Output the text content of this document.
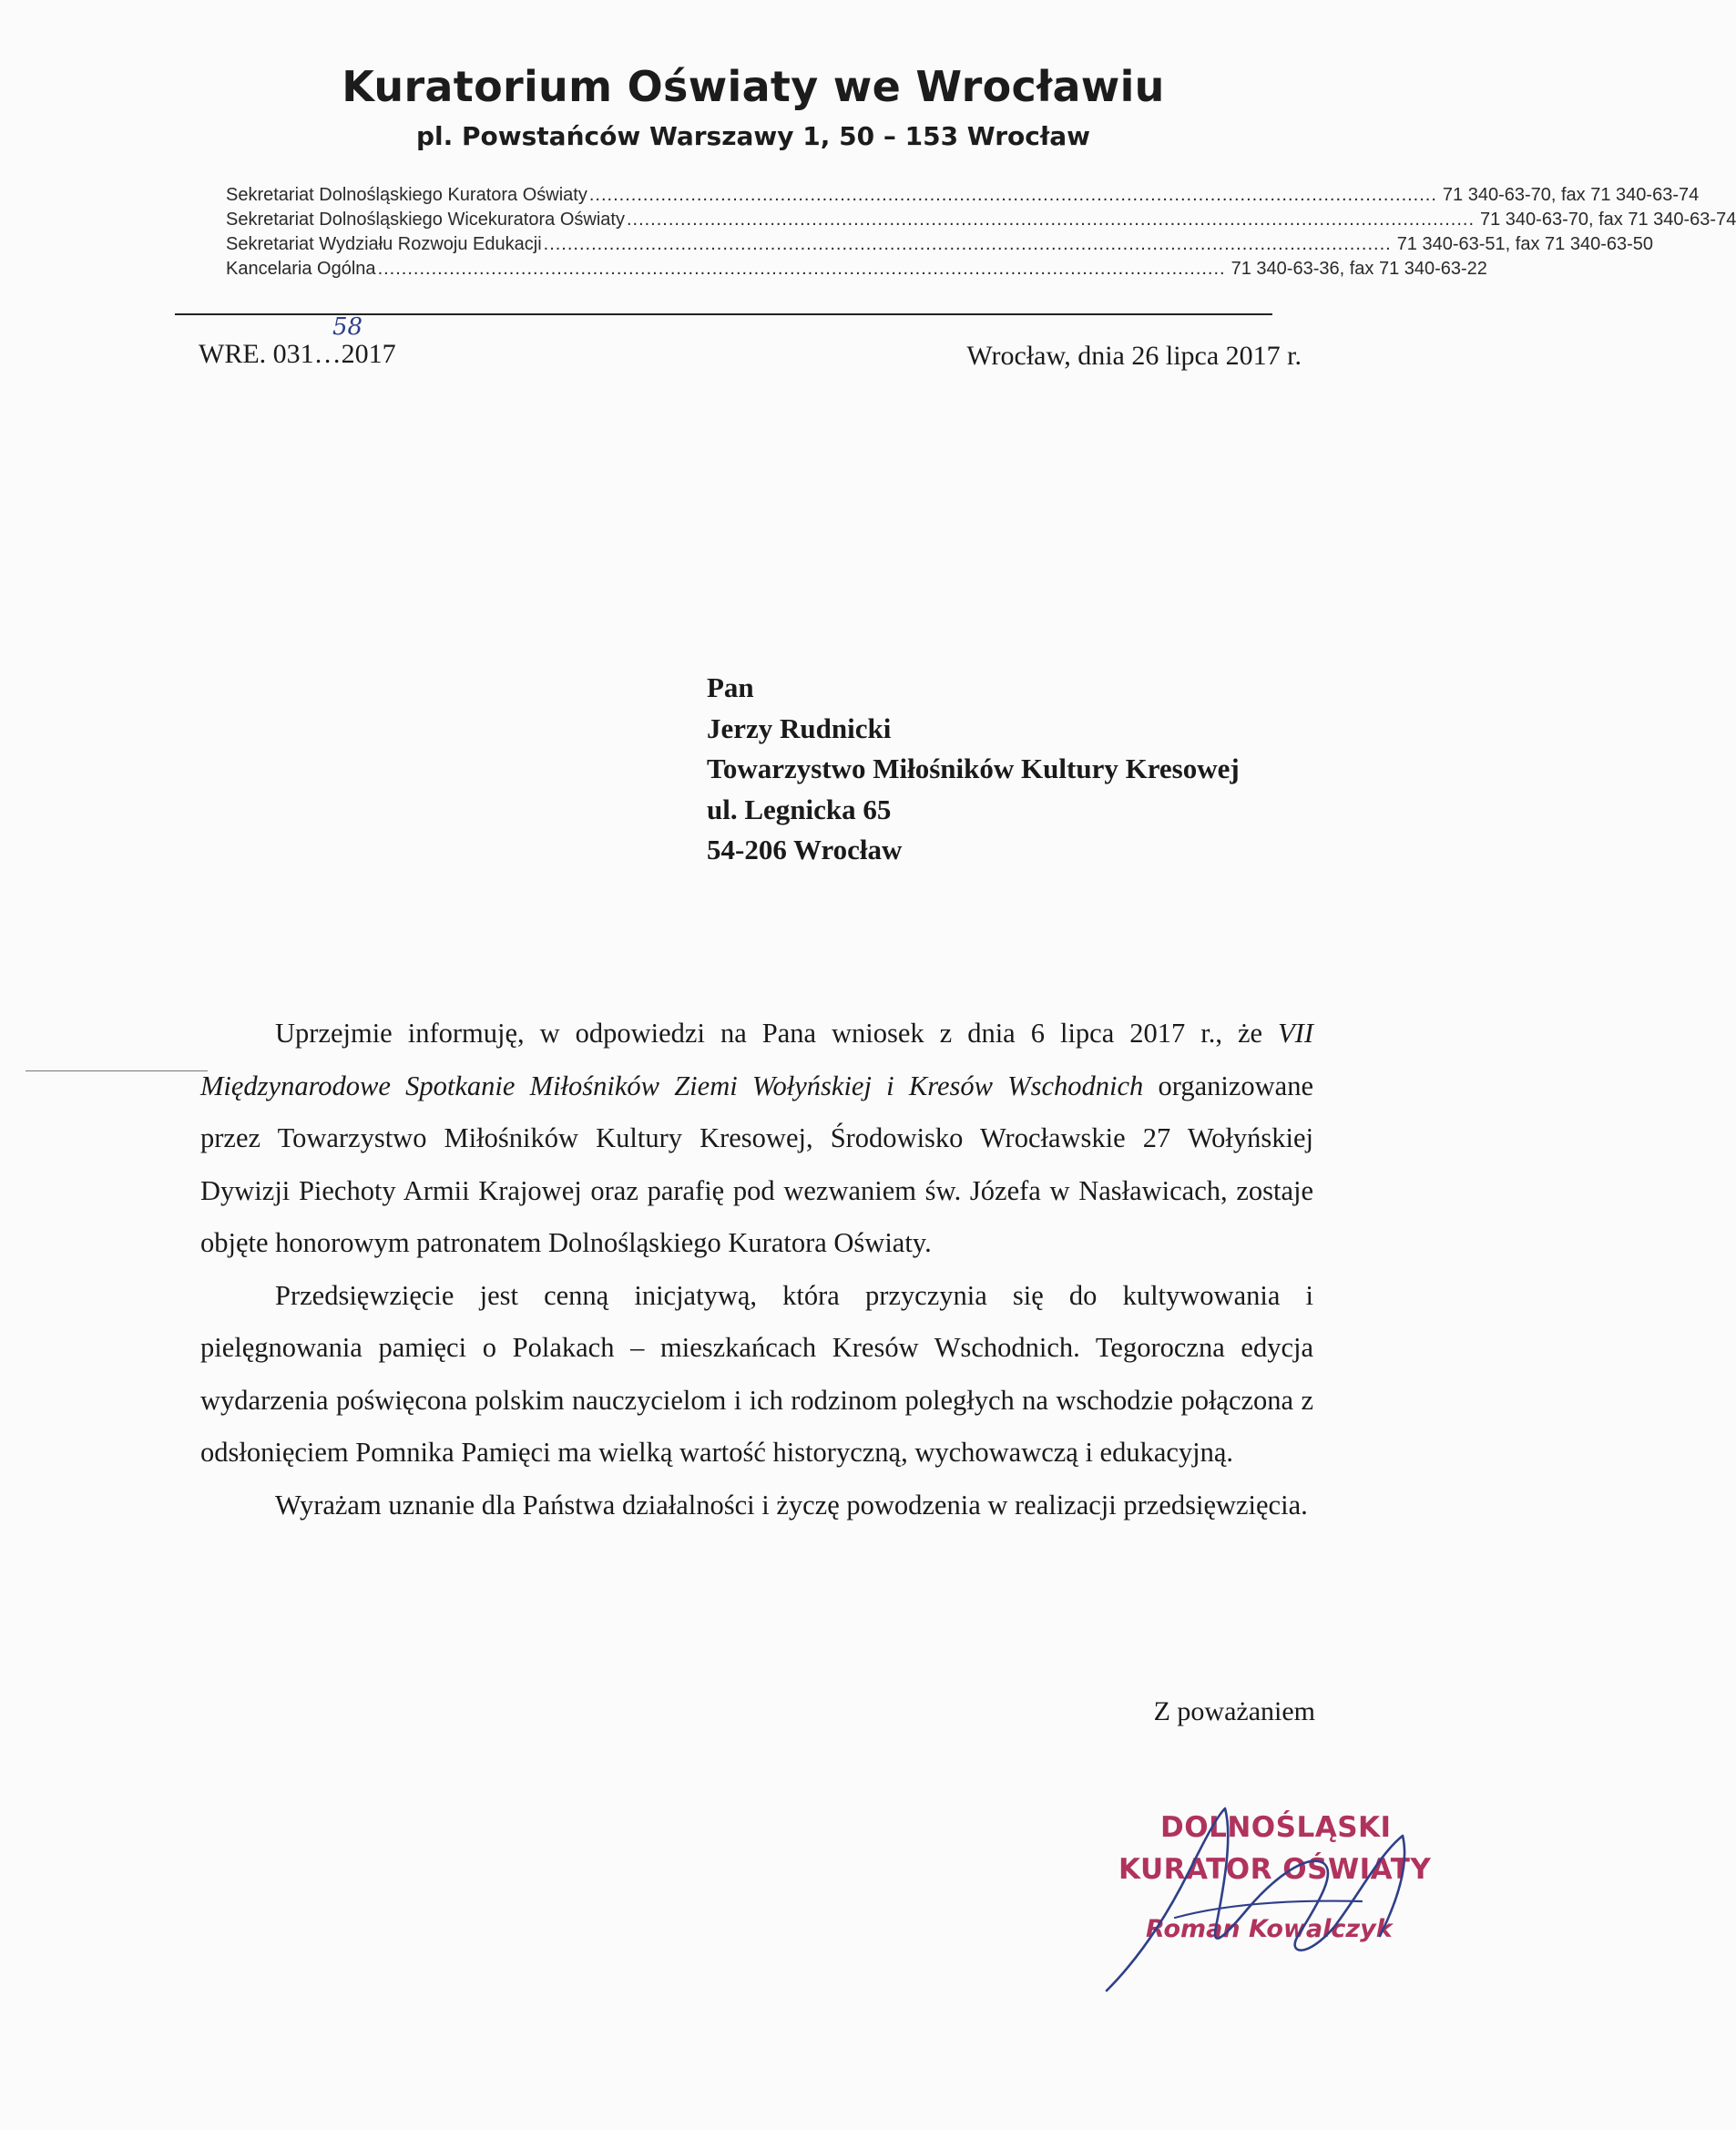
Kuratorium Oświaty we Wrocławiu
pl. Powstańców Warszawy 1, 50 – 153 Wrocław
Sekretariat Dolnośląskiego Kuratora Oświaty .............................................................................................................................................. 71 340-63-70, fax 71 340-63-74
Sekretariat Dolnośląskiego Wicekuratora Oświaty .............................................................................................................................................. 71 340-63-70, fax 71 340-63-74
Sekretariat Wydziału Rozwoju Edukacji .............................................................................................................................................. 71 340-63-51, fax 71 340-63-50
Kancelaria Ogólna .............................................................................................................................................. 71 340-63-36, fax 71 340-63-22
WRE. 031…2017
58
Wrocław, dnia 26 lipca 2017 r.
Pan
Jerzy Rudnicki
Towarzystwo Miłośników Kultury Kresowej
ul. Legnicka 65
54-206 Wrocław

Uprzejmie informuję, w odpowiedzi na Pana wniosek z dnia 6 lipca 2017 r., że VII Międzynarodowe Spotkanie Miłośników Ziemi Wołyńskiej i Kresów Wschodnich organizowane przez Towarzystwo Miłośników Kultury Kresowej, Środowisko Wrocławskie 27 Wołyńskiej Dywizji Piechoty Armii Krajowej oraz parafię pod wezwaniem św. Józefa w Nasławicach, zostaje objęte honorowym patronatem Dolnośląskiego Kuratora Oświaty.

Przedsięwzięcie jest cenną inicjatywą, która przyczynia się do kultywowania i pielęgnowania pamięci o Polakach – mieszkańcach Kresów Wschodnich. Tegoroczna edycja wydarzenia poświęcona polskim nauczycielom i ich rodzinom poległych na wschodzie połączona z odsłonięciem Pomnika Pamięci ma wielką wartość historyczną, wychowawczą i edukacyjną.

Wyrażam uznanie dla Państwa działalności i życzę powodzenia w realizacji przedsięwzięcia.

Z poważaniem
DOLNOŚLĄSKI
KURATOR OŚWIATY
Roman Kowalczyk
